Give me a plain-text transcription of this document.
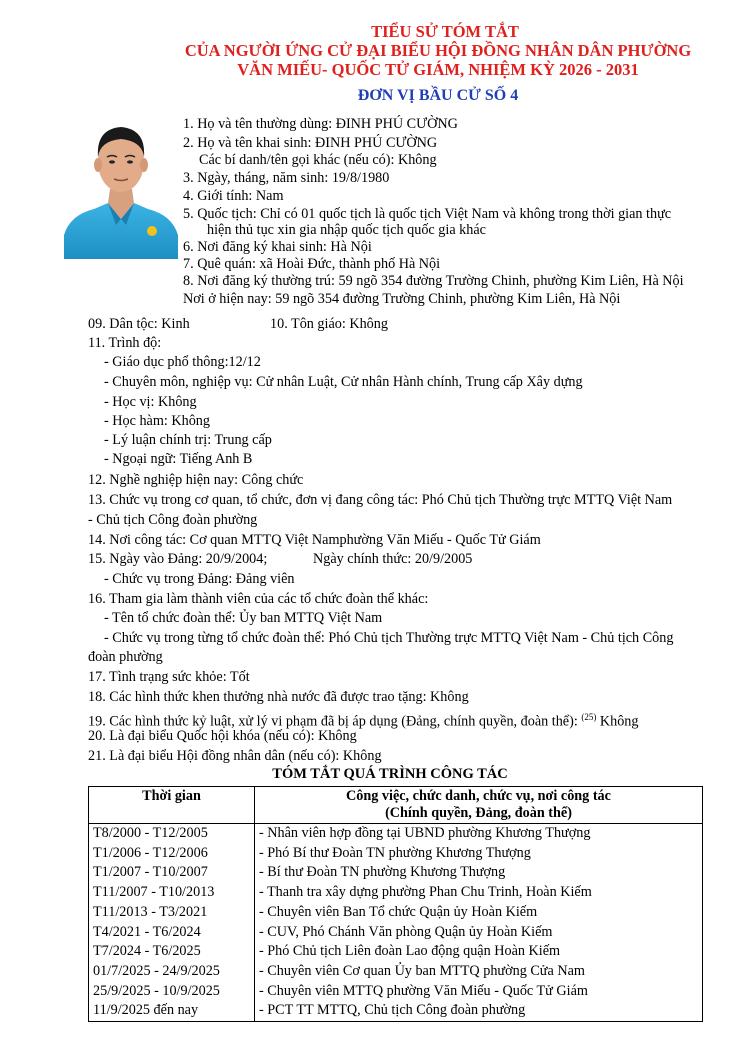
TIỂU SỬ TÓM TẮT
CỦA NGƯỜI ỨNG CỬ ĐẠI BIỂU HỘI ĐỒNG NHÂN DÂN PHƯỜNG
VĂN MIẾU- QUỐC TỬ GIÁM, NHIỆM KỲ 2026 - 2031
ĐƠN VỊ BẦU CỬ SỐ 4
1. Họ và tên thường dùng: ĐINH PHÚ CƯỜNG
2. Họ và tên khai sinh: ĐINH PHÚ CƯỜNG
Các bí danh/tên gọi khác (nếu có): Không
3. Ngày, tháng, năm sinh: 19/8/1980
4. Giới tính: Nam
5. Quốc tịch: Chỉ có 01 quốc tịch là quốc tịch Việt Nam và không trong thời gian thực
hiện thủ tục xin gia nhập quốc tịch quốc gia khác
6. Nơi đăng ký khai sinh: Hà Nội
7. Quê quán: xã Hoài Đức, thành phố Hà Nội
8. Nơi đăng ký thường trú: 59 ngõ 354 đường Trường Chinh, phường Kim Liên, Hà Nội
Nơi ở hiện nay: 59 ngõ 354 đường Trường Chinh, phường Kim Liên, Hà Nội
09. Dân tộc: Kinh	10. Tôn giáo: Không
11. Trình độ:
- Giáo dục phổ thông:12/12
- Chuyên môn, nghiệp vụ: Cử nhân Luật, Cử nhân Hành chính, Trung cấp Xây dựng
- Học vị: Không
- Học hàm: Không
- Lý luận chính trị: Trung cấp
- Ngoại ngữ: Tiếng Anh B
12. Nghề nghiệp hiện nay: Công chức
13. Chức vụ trong cơ quan, tổ chức, đơn vị đang công tác: Phó Chủ tịch Thường trực MTTQ Việt Nam
- Chủ tịch Công đoàn phường
14. Nơi công tác: Cơ quan MTTQ Việt Namphường Văn Miếu - Quốc Tử Giám
15. Ngày vào Đảng: 20/9/2004;	Ngày chính thức: 20/9/2005
- Chức vụ trong Đảng: Đảng viên
16. Tham gia làm thành viên của các tổ chức đoàn thể khác:
- Tên tổ chức đoàn thể: Ủy ban MTTQ Việt Nam
- Chức vụ trong từng tổ chức đoàn thể: Phó Chủ tịch Thường trực MTTQ Việt Nam - Chủ tịch Công
đoàn phường
17. Tình trạng sức khỏe: Tốt
18. Các hình thức khen thưởng nhà nước đã được trao tặng: Không
19. Các hình thức kỷ luật, xử lý vi phạm đã bị áp dụng (Đảng, chính quyền, đoàn thể): $^{(25)}$ Không
20. Là đại biểu Quốc hội khóa (nếu có): Không
21. Là đại biểu Hội đồng nhân dân (nếu có): Không
TÓM TẮT QUÁ TRÌNH CÔNG TÁC
Thời gian	Công việc, chức danh, chức vụ, nơi công tác
(Chính quyền, Đảng, đoàn thể)

T8/2000 - T12/2005	- Nhân viên hợp đồng tại UBND phường Khương Thượng
T1/2006 - T12/2006	- Phó Bí thư Đoàn TN phường Khương Thượng
T1/2007 - T10/2007	- Bí thư Đoàn TN phường Khương Thượng
T11/2007 - T10/2013	- Thanh tra xây dựng phường Phan Chu Trinh, Hoàn Kiếm
T11/2013 - T3/2021	- Chuyên viên Ban Tổ chức Quận ủy Hoàn Kiếm
T4/2021 - T6/2024	- CUV, Phó Chánh Văn phòng Quận ủy Hoàn Kiếm
T7/2024 - T6/2025	- Phó Chủ tịch Liên đoàn Lao động quận Hoàn Kiếm
01/7/2025 - 24/9/2025	- Chuyên viên Cơ quan Ủy ban MTTQ phường Cửa Nam
25/9/2025 - 10/9/2025	- Chuyên viên MTTQ phường Văn Miếu - Quốc Tử Giám
11/9/2025 đến nay	- PCT TT MTTQ, Chủ tịch Công đoàn phường
